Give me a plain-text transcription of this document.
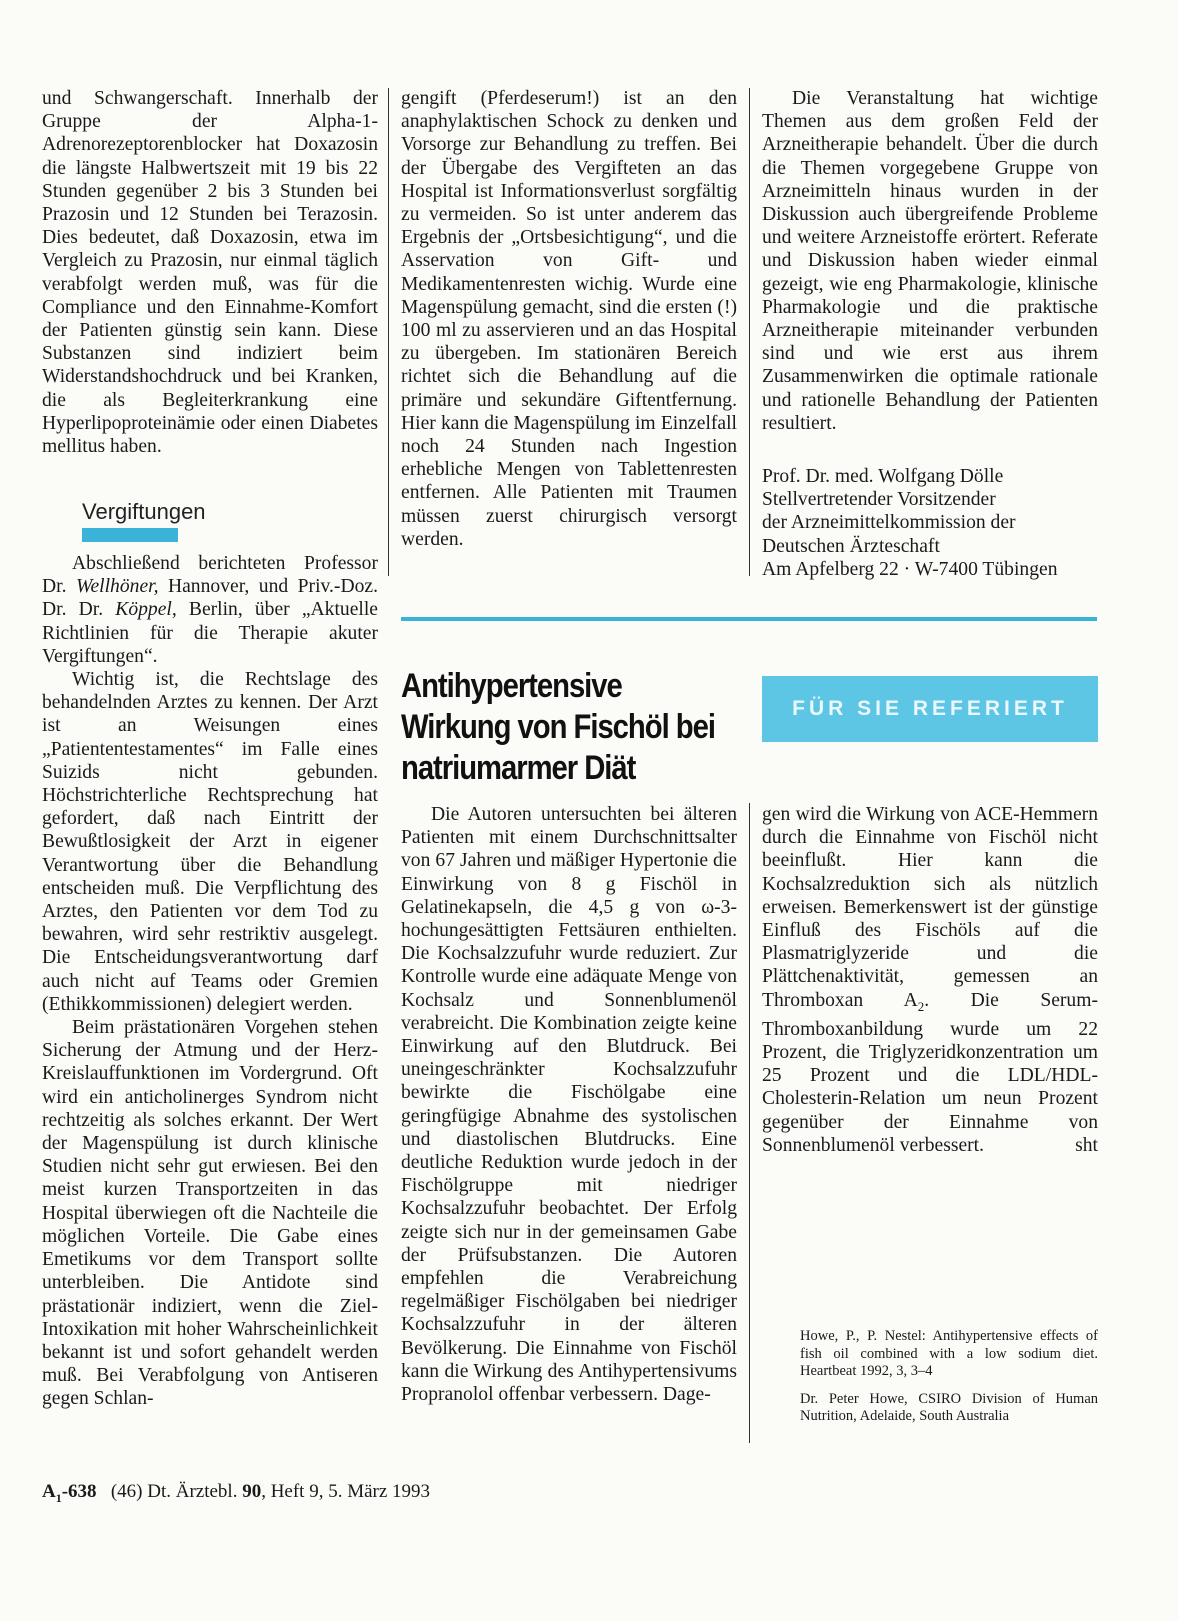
und Schwangerschaft. Innerhalb der Gruppe der Alpha-1-Adrenorezeptorenblocker hat Doxazosin die längste Halbwertszeit mit 19 bis 22 Stunden gegenüber 2 bis 3 Stunden bei Prazosin und 12 Stunden bei Terazosin. Dies bedeutet, daß Doxazosin, etwa im Vergleich zu Prazosin, nur einmal täglich verabfolgt werden muß, was für die Compliance und den Einnahme-Komfort der Patienten günstig sein kann. Diese Substanzen sind indiziert beim Widerstandshochdruck und bei Kranken, die als Begleiterkrankung eine Hyperlipoproteinämie oder einen Diabetes mellitus haben.

Vergiftungen

Abschließend berichteten Professor Dr. Wellhöner, Hannover, und Priv.-Doz. Dr. Dr. Köppel, Berlin, über „Aktuelle Richtlinien für die Therapie akuter Vergiftungen“.

Wichtig ist, die Rechtslage des behandelnden Arztes zu kennen. Der Arzt ist an Weisungen eines „Patiententestamentes“ im Falle eines Suizids nicht gebunden. Höchstrichterliche Rechtsprechung hat gefordert, daß nach Eintritt der Bewußtlosigkeit der Arzt in eigener Verantwortung über die Behandlung entscheiden muß. Die Verpflichtung des Arztes, den Patienten vor dem Tod zu bewahren, wird sehr restriktiv ausgelegt. Die Entscheidungsverantwortung darf auch nicht auf Teams oder Gremien (Ethikkommissionen) delegiert werden.

Beim prästationären Vorgehen stehen Sicherung der Atmung und der Herz-Kreislauffunktionen im Vordergrund. Oft wird ein anticholinerges Syndrom nicht rechtzeitig als solches erkannt. Der Wert der Magenspülung ist durch klinische Studien nicht sehr gut erwiesen. Bei den meist kurzen Transportzeiten in das Hospital überwiegen oft die Nachteile die möglichen Vorteile. Die Gabe eines Emetikums vor dem Transport sollte unterbleiben. Die Antidote sind prästationär indiziert, wenn die Ziel-Intoxikation mit hoher Wahrscheinlichkeit bekannt ist und sofort gehandelt werden muß. Bei Verabfolgung von Antiseren gegen Schlan-

gengift (Pferdeserum!) ist an den anaphylaktischen Schock zu denken und Vorsorge zur Behandlung zu treffen. Bei der Übergabe des Vergifteten an das Hospital ist Informationsverlust sorgfältig zu vermeiden. So ist unter anderem das Ergebnis der „Ortsbesichtigung“, und die Asservation von Gift- und Medikamentenresten wichig. Wurde eine Magenspülung gemacht, sind die ersten (!) 100 ml zu asservieren und an das Hospital zu übergeben. Im stationären Bereich richtet sich die Behandlung auf die primäre und sekundäre Giftentfernung. Hier kann die Magenspülung im Einzelfall noch 24 Stunden nach Ingestion erhebliche Mengen von Tablettenresten entfernen. Alle Patienten mit Traumen müssen zuerst chirurgisch versorgt werden.

Die Veranstaltung hat wichtige Themen aus dem großen Feld der Arzneitherapie behandelt. Über die durch die Themen vorgegebene Gruppe von Arzneimitteln hinaus wurden in der Diskussion auch übergreifende Probleme und weitere Arzneistoffe erörtert. Referate und Diskussion haben wieder einmal gezeigt, wie eng Pharmakologie, klinische Pharmakologie und die praktische Arzneitherapie miteinander verbunden sind und wie erst aus ihrem Zusammenwirken die optimale rationale und rationelle Behandlung der Patienten resultiert.

Prof. Dr. med. Wolfgang Dölle

Stellvertretender Vorsitzender

der Arzneimittelkommission der

Deutschen Ärzteschaft

Am Apfelberg 22 · W-7400 Tübingen

Antihypertensive
Wirkung von Fischöl bei
natriumarmer Diät
FÜR SIE REFERIERT

Die Autoren untersuchten bei älteren Patienten mit einem Durchschnittsalter von 67 Jahren und mäßiger Hypertonie die Einwirkung von 8 g Fischöl in Gelatinekapseln, die 4,5 g von ω-3-hochungesättigten Fettsäuren enthielten. Die Kochsalzzufuhr wurde reduziert. Zur Kontrolle wurde eine adäquate Menge von Kochsalz und Sonnenblumenöl verabreicht. Die Kombination zeigte keine Einwirkung auf den Blutdruck. Bei uneingeschränkter Kochsalzzufuhr bewirkte die Fischölgabe eine geringfügige Abnahme des systolischen und diastolischen Blutdrucks. Eine deutliche Reduktion wurde jedoch in der Fischölgruppe mit niedriger Kochsalzzufuhr beobachtet. Der Erfolg zeigte sich nur in der gemeinsamen Gabe der Prüfsubstanzen. Die Autoren empfehlen die Verabreichung regelmäßiger Fischölgaben bei niedriger Kochsalzzufuhr in der älteren Bevölkerung. Die Einnahme von Fischöl kann die Wirkung des Antihypertensivums Propranolol offenbar verbessern. Dage-

gen wird die Wirkung von ACE-Hemmern durch die Einnahme von Fischöl nicht beeinflußt. Hier kann die Kochsalzreduktion sich als nützlich erweisen. Bemerkenswert ist der günstige Einfluß des Fischöls auf die Plasmatriglyzeride und die Plättchenaktivität, gemessen an Thromboxan $A_2$. Die Serum-Thromboxanbildung wurde um 22 Prozent, die Triglyzeridkonzentration um 25 Prozent und die LDL/HDL-Cholesterin-Relation um neun Prozent gegenüber der Einnahme von Sonnenblumenöl verbessert.	sht

Howe, P., P. Nestel: Antihypertensive effects of fish oil combined with a low sodium diet. Heartbeat 1992, 3, 3–4

Dr. Peter Howe, CSIRO Division of Human Nutrition, Adelaide, South Australia

$A_1-638$ (46) Dt. Ärztebl. 90, Heft 9, 5. März 1993
